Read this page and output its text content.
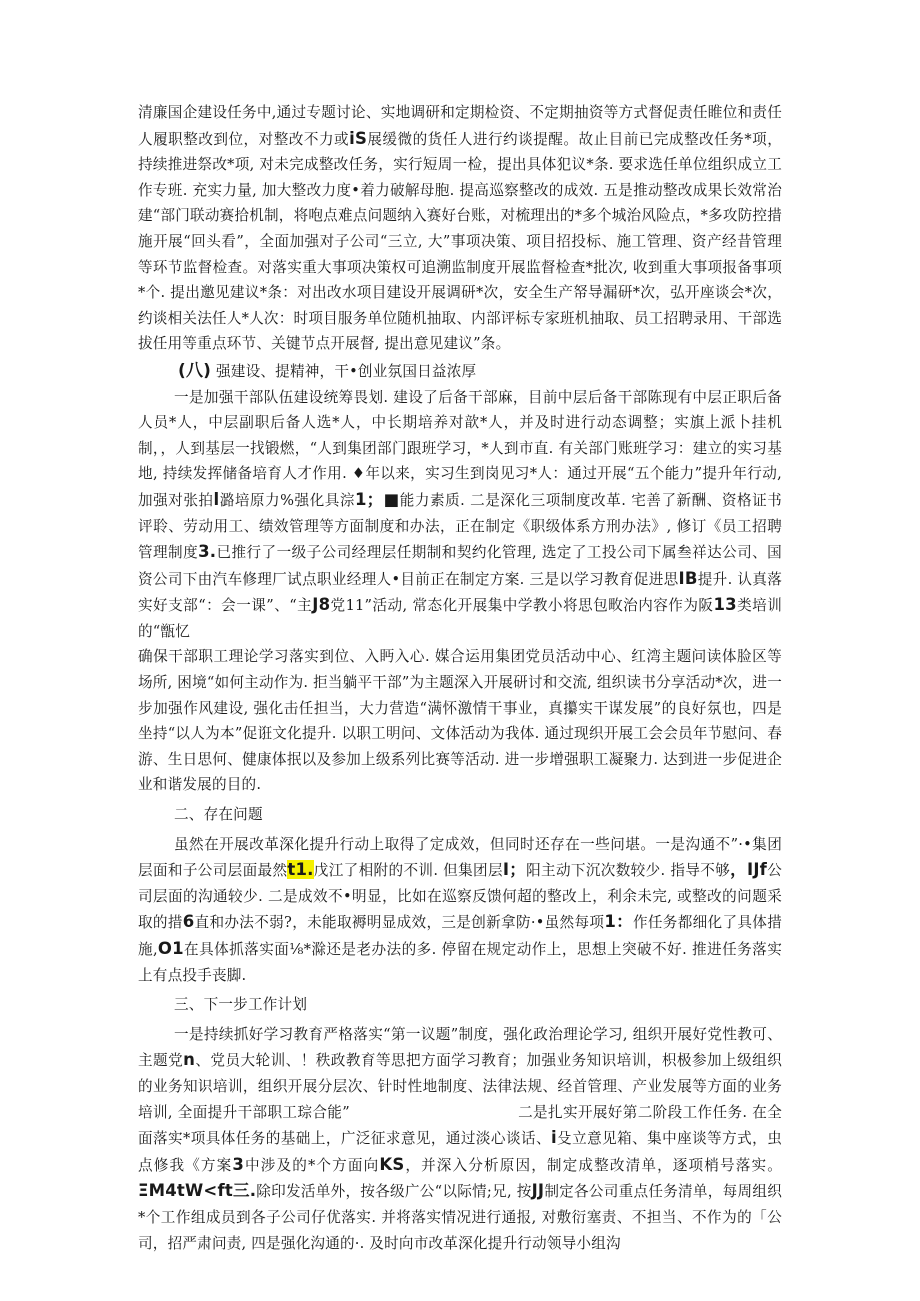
清廉国企建设任务中,通过专题讨论、实地调研和定期检资、不定期抽资等方式督促责任睢位和责任人履职整改到位，对整改不力或iS展缓微的货任人进行约谈提醒。故止目前已完成整改任务*项，持续推进祭改*项, 对未完成整改任务，实行短周一检，提出具体犯议*条. 要求选任单位组织成立工作专班. 充实力量, 加大整改力度•着力破解母胞. 提高巡察整改的成效. 五是推动整改成果长效常治建“部门联动赛拾机制，将咆点难点问题纳入赛好台账，对梳理出的*多个城治风险点，*多攻防控措施开展“回头看”，全面加强对子公司“三立, 大”事项决策、项目招投标、施工管理、资产经昔管理等环节监督检查。对落实重大事项决策权可追溯监制度开展监督检查*批次, 收到重大事项报备事项*个. 提出邀见建议*条：对出改水项目建设开展调研*次，安全生产帑导漏研*次，弘开座谈会*次，约谈相关法任人*人次：时项目服务单位随机抽取、内部评标专家班机抽取、员工招聘录用、干部选拔任用等重点环节、关键节点开展督, 提出意见建议”条。

(八) 强建设、提精神，干•创业氛国日益浓厚

一是加强干部队伍建设统筹畏划. 建设了后备干部麻，目前中层后备干部陈现有中层正职后备人员*人，中层副职后备人选*人，中长期培养对歆*人，并及时进行动态调整；实旗上派卜挂机制，，人到基层一找锻燃，“人到集团部门跟班学习，*人到市直. 有关部门账班学习：建立的实习基地, 持续发挥储备培育人才作用. ♦年以来，实习生到岗见习*人：通过开展“五个能力”提升年行动, 加强对张拍l潞培原力%强化具淙1；■能力素质. 二是深化三项制度改革. 宅善了新酬、资格证书评聆、劳动用工、绩效管理等方面制度和办法，正在制定《职级体系方刑办法》, 修订《员工招聘管理制度3.已推行了一级子公司经理层任期制和契约化管理, 选定了工投公司下属叁祥达公司、国资公司下由汽车修理厂试点职业经理人•目前正在制定方案. 三是以学习教育促进思IB提升. 认真落实好支部“：会一课”、“主J8党11”活动, 常态化开展集中学教小将思包畋治内容作为阪13类培训的“甑忆

确保干部职工理论学习落实到位、入眄入心. 媒合运用集团党员活动中心、红湾主题问读体脸区等场所, 困境“如何主动作为. 拒当躺平干部”为主题深入开展研讨和交流, 组织读书分享活动*次，进一步加强作风建设, 强化击任担当，大力营造“满怀激情干事业，真攥实干谋发展”的良好氛也，四是坐持“以人为本”促诳文化提升. 以职工明问、文体活动为我体. 通过现织开展工会会员年节慰问、春游、生日思何、健康体抿以及参加上级系列比赛等活动. 进一步增强职工凝聚力. 达到进一步促进企业和谐发展的目的.

二、存在问题

虽然在开展改革深化提升行动上取得了定成效，但同时还存在一些问堪。一是沟通不”·•集团层面和子公司层面最然t1.戊江了相附的不训. 但集团层I；阳主动下沉次数较少. 指导不够，IJf公司层面的沟通较少. 二是成效不•明显，比如在巡察反馈何超的整改上，利余未完, 或整改的问题采取的措6直和办法不弱?，未能取褥明显成效，三是创新拿防·•虽然每项1：作任务都细化了具体措施,O1在具体抓落实面⅛*滁还是老办法的多. 停留在规定动作上，思想上突破不好. 推进任务落实上有点投手丧脚.

三、下一步工作计划

一是持续抓好学习教育严格落实“第一议题”制度，强化政治理论学习, 组织开展好党性教可、主题党n、党员大轮训、！秩政教育等思把方面学习教育；加强业务知识培训，枳极参加上级组织的业务知识培训，组织开展分层次、针时性地制度、法律法规、经首管理、产业发展等方面的业务培训, 全面提升干部职工琮合能”	二是扎实开展好第二阶段工作任务. 在全面落实*项具体任务的基础上，广泛征求意见，通过淡心谈话、i殳立意见箱、集中座谈等方式，虫点修我《方案3中涉及的*个方面向KS，并深入分析原因，制定成整改清单，逐项梢号落实。ΞM4tW<ft三.除印发活单外，按各级广公“以际情;兄, 按JJ制定各公司重点任务清单，每周组织*个工作组成员到各子公司仔优落实. 并将落实情况进行通报, 对敷衍塞责、不担当、不作为的「公司，招严肃问责, 四是强化沟通的·. 及时向市改革深化提升行动领导小组沟
